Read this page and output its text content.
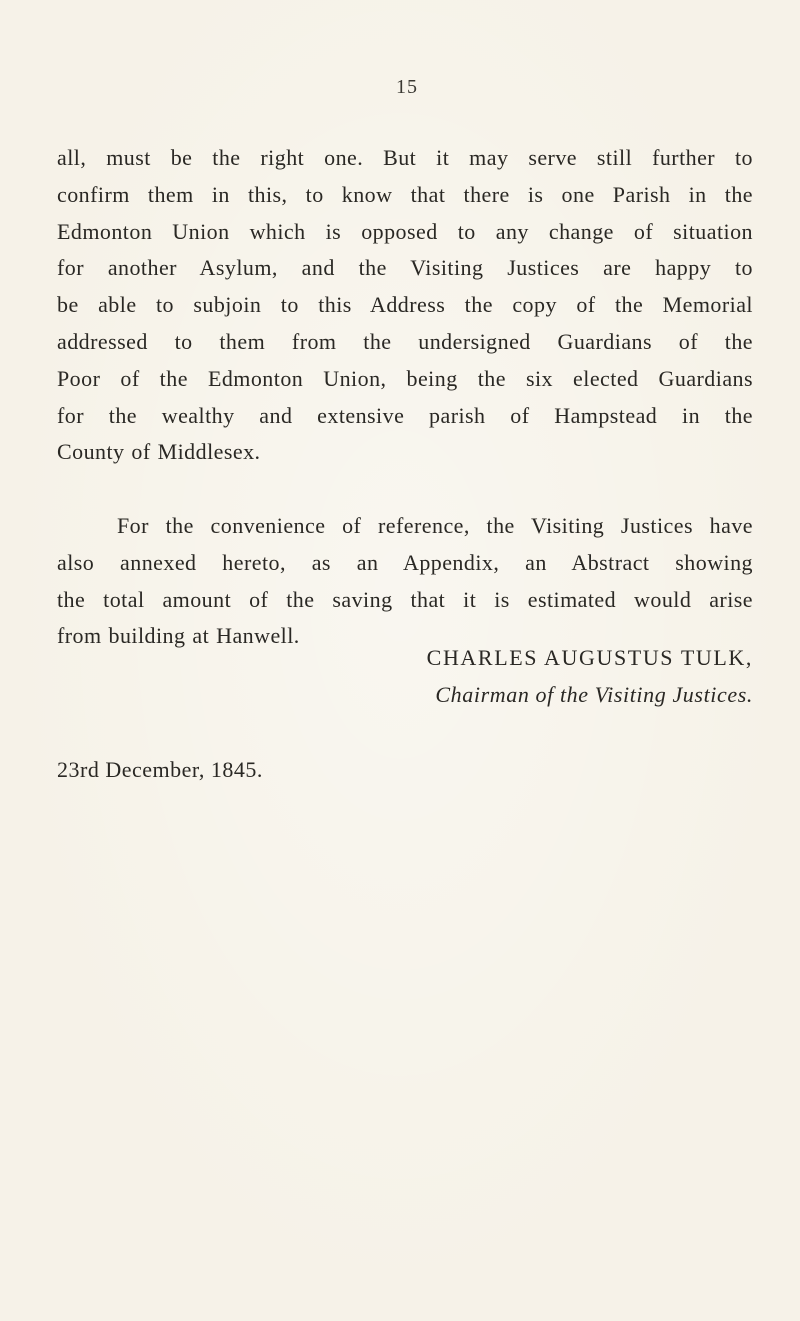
15

all, must be the right one. But it may serve still further to
confirm them in this, to know that there is one Parish in the
Edmonton Union which is opposed to any change of situation
for another Asylum, and the Visiting Justices are happy to
be able to subjoin to this Address the copy of the Memorial
addressed to them from the undersigned Guardians of the
Poor of the Edmonton Union, being the six elected Guardians
for the wealthy and extensive parish of Hampstead in the
County of Middlesex.

For the convenience of reference, the Visiting Justices have
also annexed hereto, as an Appendix, an Abstract showing
the total amount of the saving that it is estimated would arise
from building at Hanwell.

CHARLES AUGUSTUS TULK,
Chairman of the Visiting Justices.
23rd December, 1845.
